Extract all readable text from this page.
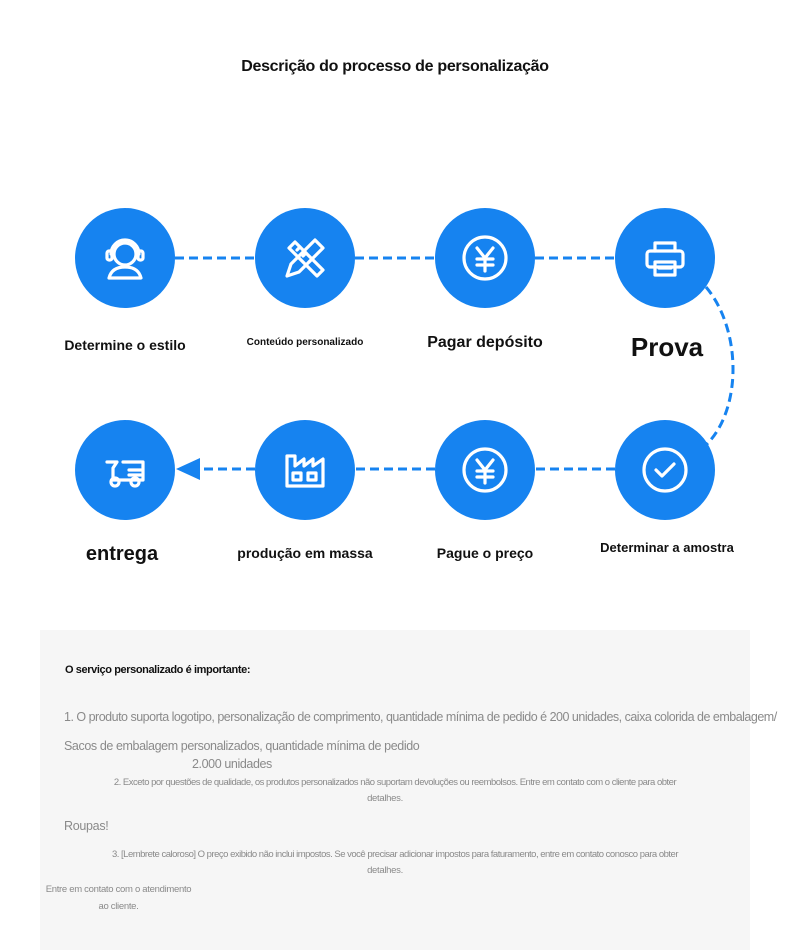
Descrição do processo de personalização
Determine o estilo	Conteúdo personalizado	Pagar depósito	Prova
Determinar a amostra
Pague o preço
produção em massa
entrega
O serviço personalizado é importante:
1. O produto suporta logotipo, personalização de comprimento, quantidade mínima de pedido é 200 unidades, caixa colorida de embalagem/
Sacos de embalagem personalizados, quantidade mínima de pedido
2.000 unidades
2. Exceto por questões de qualidade, os produtos personalizados não suportam devoluções ou reembolsos. Entre em contato com o cliente para obter
detalhes.
Roupas!
3. [Lembrete caloroso] O preço exibido não inclui impostos. Se você precisar adicionar impostos para faturamento, entre em contato conosco para obter
detalhes.
Entre em contato com o atendimento
ao cliente.
